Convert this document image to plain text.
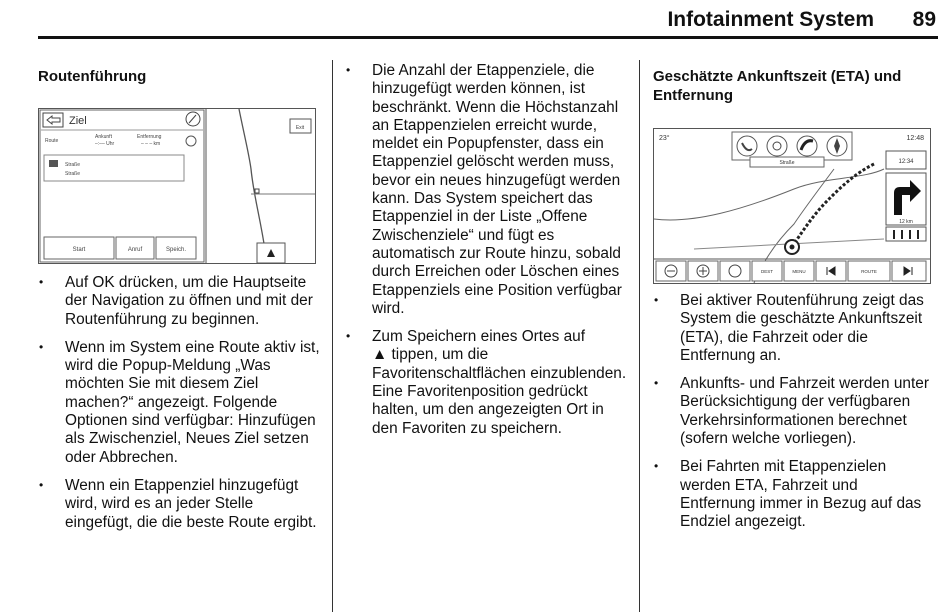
Infotainment System 89
Routenführung
Ziel
Route
Ankunft
–:–– Uhr
Entfernung
– – – km
Straße
Straße
Start	Anruf	Speich.
Exit
• Auf OK drücken, um die Hauptseite der Navigation zu öffnen und mit der Routenführung zu beginnen.
• Wenn im System eine Route aktiv ist, wird die Popup-Meldung „Was möchten Sie mit diesem Ziel machen?“ angezeigt. Folgende Optionen sind verfügbar: Hinzufügen als Zwischenziel, Neues Ziel setzen oder Abbrechen.
• Wenn ein Etappenziel hinzugefügt wird, wird es an jeder Stelle eingefügt, die die beste Route ergibt.
• Die Anzahl der Etappenziele, die hinzugefügt werden können, ist beschränkt. Wenn die Höchstanzahl an Etappenzielen erreicht wurde, meldet ein Popupfenster, dass ein Etappenziel gelöscht werden muss, bevor ein neues hinzugefügt werden kann. Das System speichert das Etappenziel in der Liste „Offene Zwischenziele“ und fügt es automatisch zur Route hinzu, sobald durch Erreichen oder Löschen eines Etappenziels eine Position verfügbar wird.
• Zum Speichern eines Ortes auf
▲ tippen, um die Favoritenschaltflächen einzublenden. Eine Favoritenposition gedrückt halten, um den angezeigten Ort in den Favoriten zu speichern.
Geschätzte Ankunftszeit (ETA) und Entfernung
23°	12:48
Straße	12:34
12 km
DEST	MENU	ROUTE
• Bei aktiver Routenführung zeigt das System die geschätzte Ankunftszeit (ETA), die Fahrzeit oder die Entfernung an.
• Ankunfts- und Fahrzeit werden unter Berücksichtigung der verfügbaren Verkehrsinformationen berechnet (sofern welche vorliegen).
• Bei Fahrten mit Etappenzielen werden ETA, Fahrzeit und Entfernung immer in Bezug auf das Endziel angezeigt.
